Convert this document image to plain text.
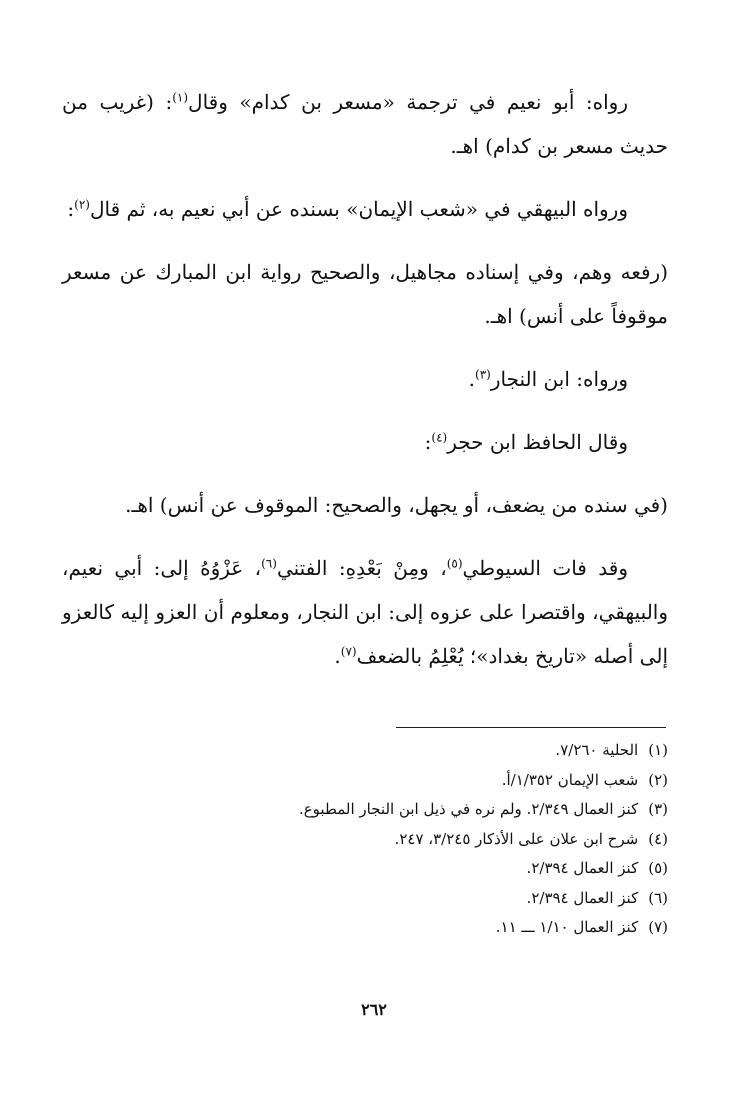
رواه: أبو نعيم في ترجمة «مسعر بن كدام» وقال$^{(١)}$: (غريب من حديث مسعر بن كدام) اهـ.

ورواه البيهقي في «شعب الإيمان» بسنده عن أبي نعيم به، ثم قال$^{(٢)}$:

(رفعه وهم، وفي إسناده مجاهيل، والصحيح رواية ابن المبارك عن مسعر موقوفاً على أنس) اهـ.

ورواه: ابن النجار$^{(٣)}$.

وقال الحافظ ابن حجر$^{(٤)}$:

(في سنده من يضعف، أو يجهل، والصحيح: الموقوف عن أنس) اهـ.

وقد فات السيوطي$^{(٥)}$، ومِنْ بَعْدِهِ: الفتني$^{(٦)}$، عَزْوُهُ إلى: أبي نعيم، والبيهقي، واقتصرا على عزوه إلى: ابن النجار، ومعلوم أن العزو إليه كالعزو إلى أصله «تاريخ بغداد»؛ يُعْلِمُ بالضعف$^{(٧)}$.

(١)الحلية ٧/٢٦٠.
(٢)شعب الإيمان ١/٣٥٢/أ.
(٣)كنز العمال ٢/٣٤٩. ولم نره في ذيل ابن النجار المطبوع.
(٤)شرح ابن علان على الأذكار ٣/٢٤٥، ٢٤٧.
(٥)كنز العمال ٢/٣٩٤.
(٦)كنز العمال ٢/٣٩٤.
(٧)كنز العمال ١/١٠ ـــ ١١.
٢٦٢
